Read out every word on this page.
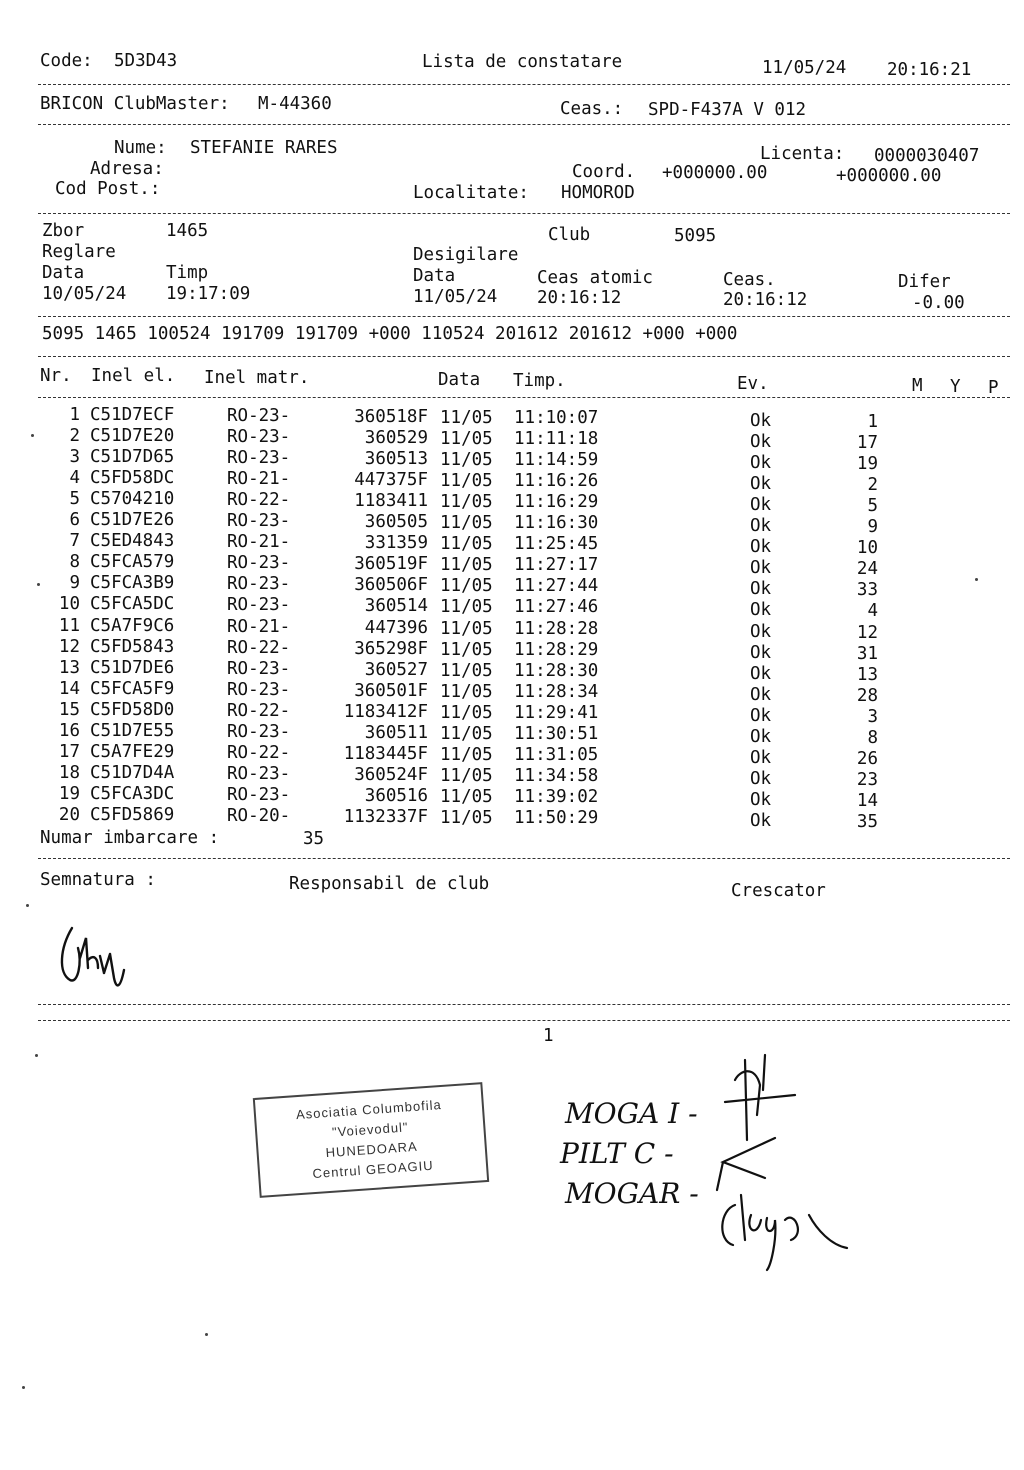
Code: 5D3D43	Lista de constatare	11/05/24 20:16:21
BRICON ClubMaster: M-44360	Ceas.: SPD-F437A V 012
Nume: STEFANIE RARES	Licenta: 0000030407
Adresa:	Coord. +000000.00	+000000.00
Cod Post.:	Localitate: HOMOROD
Zbor	1465	Club	5095
Reglare	Desigilare
Data	Timp	Data	Ceas atomic	Ceas.	Difer
10/05/24 19:17:09	11/05/24 20:16:12	20:16:12	-0.00
5095 1465 100524 191709 191709 +000 110524 201612 201612 +000 +000
Nr. Inel el. Inel matr.	Data Timp.	Ev.	M Y P
1 C51D7ECF	RO-23-	360518F 11/05	11:10:07	Ok	1
2 C51D7E20	RO-23-	360529 11/05	11:11:18	Ok	17
3 C51D7D65	RO-23-	360513 11/05	11:14:59	Ok	19
4 C5FD58DC	RO-21-	447375F 11/05	11:16:26	Ok	2
5 C5704210	RO-22-	1183411 11/05	11:16:29	Ok	5
6 C51D7E26	RO-23-	360505 11/05	11:16:30	Ok	9
7 C5ED4843	RO-21-	331359 11/05	11:25:45	Ok	10
8 C5FCA579	RO-23-	360519F 11/05	11:27:17	Ok	24
9 C5FCA3B9	RO-23-	360506F 11/05	11:27:44	Ok	33
10 C5FCA5DC	RO-23-	360514 11/05	11:27:46	Ok	4
11 C5A7F9C6	RO-21-	447396 11/05	11:28:28	Ok	12
12 C5FD5843	RO-22-	365298F 11/05	11:28:29	Ok	31
13 C51D7DE6	RO-23-	360527 11/05	11:28:30	Ok	13
14 C5FCA5F9	RO-23-	360501F 11/05	11:28:34	Ok	28
15 C5FD58D0	RO-22-	1183412F 11/05	11:29:41	Ok	3
16 C51D7E55	RO-23-	360511 11/05	11:30:51	Ok	8
17 C5A7FE29	RO-22-	1183445F 11/05	11:31:05	Ok	26
18 C51D7D4A	RO-23-	360524F 11/05	11:34:58	Ok	23
19 C5FCA3DC	RO-23-	360516 11/05	11:39:02	Ok	14
20 C5FD5869	RO-20-	1132337F 11/05	11:50:29	Ok	35
Numar imbarcare :	35
Semnatura :	Responsabil de club	Crescator
1
Asociatia Columbofila
"Voievodul"
HUNEDOARA
Centrul GEOAGIU
MOGA I -
PILT C -
MOGAR -
